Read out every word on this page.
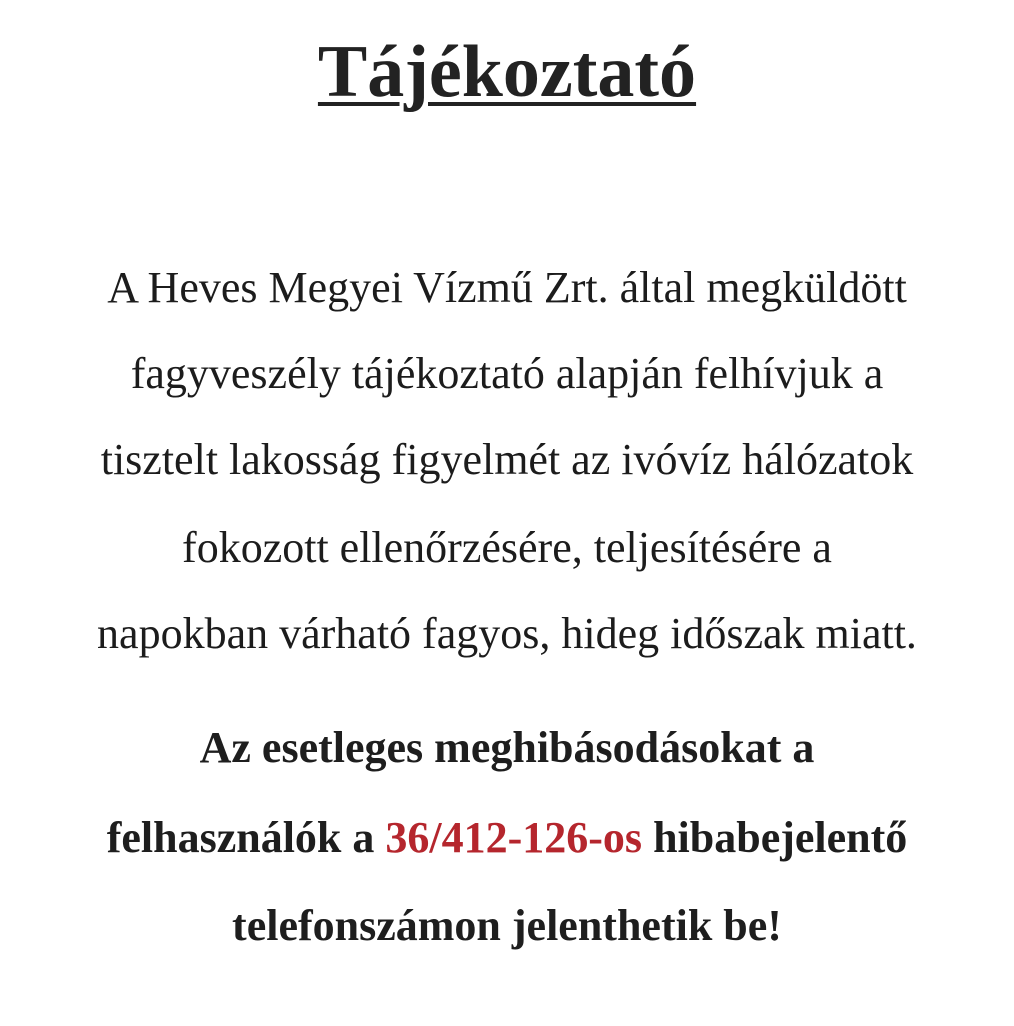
Tájékoztató

A Heves Megyei Vízmű Zrt. által megküldött

fagyveszély tájékoztató alapján felhívjuk a

tisztelt lakosság figyelmét az ivóvíz hálózatok

fokozott ellenőrzésére, teljesítésére a

napokban várható fagyos, hideg időszak miatt.

Az esetleges meghibásodásokat a

felhasználók a 36/412-126-os hibabejelentő

telefonszámon jelenthetik be!
